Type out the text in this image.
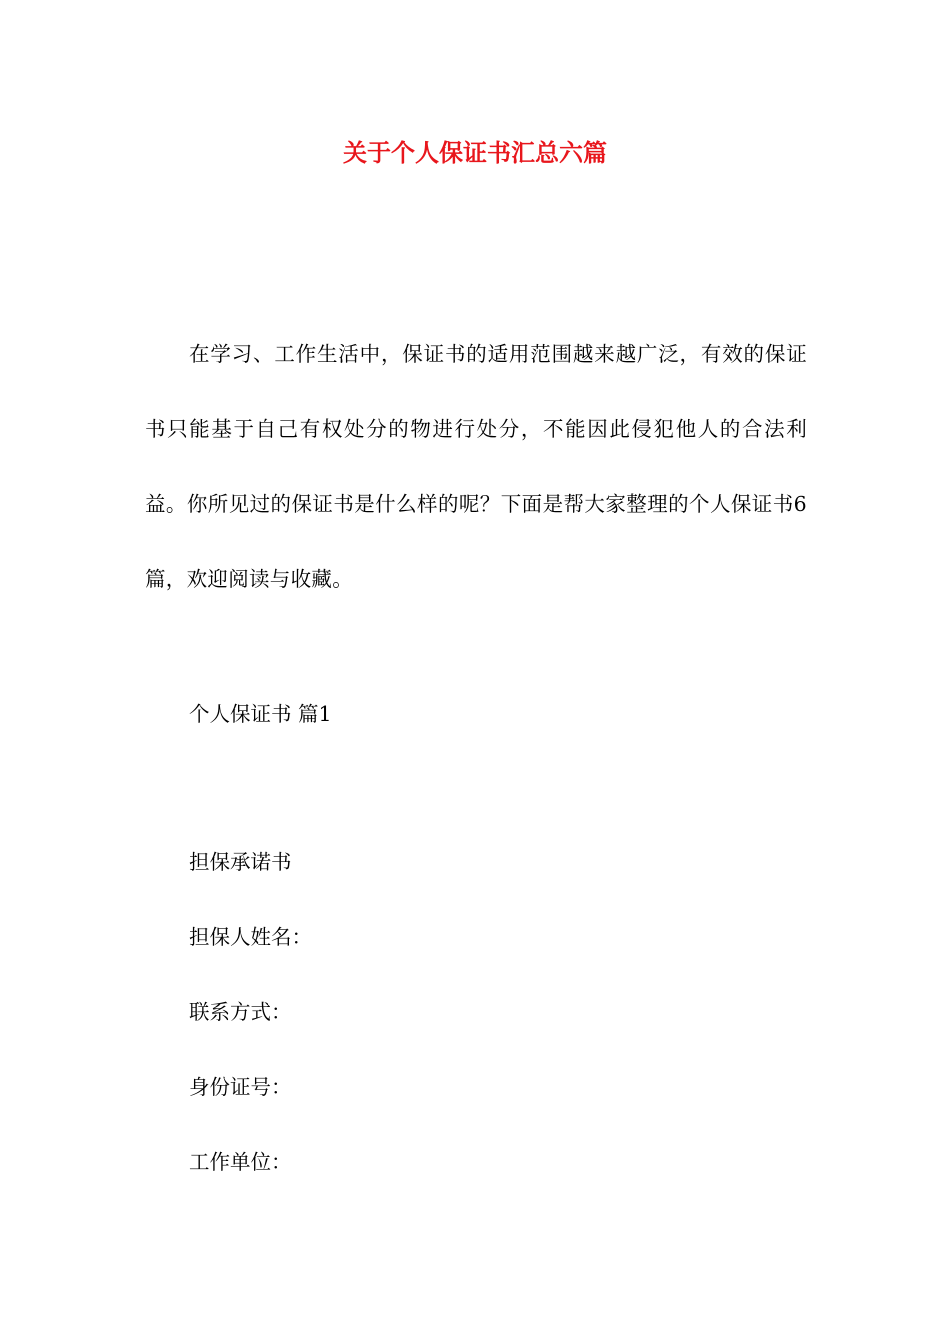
关于个人保证书汇总六篇

在学习、工作生活中，保证书的适用范围越来越广泛，有效的保证书只能基于自己有权处分的物进行处分，不能因此侵犯他人的合法利益。你所见过的保证书是什么样的呢？下面是帮大家整理的个人保证书6篇，欢迎阅读与收藏。

个人保证书 篇1

担保承诺书

担保人姓名：

联系方式：

身份证号：

工作单位：
